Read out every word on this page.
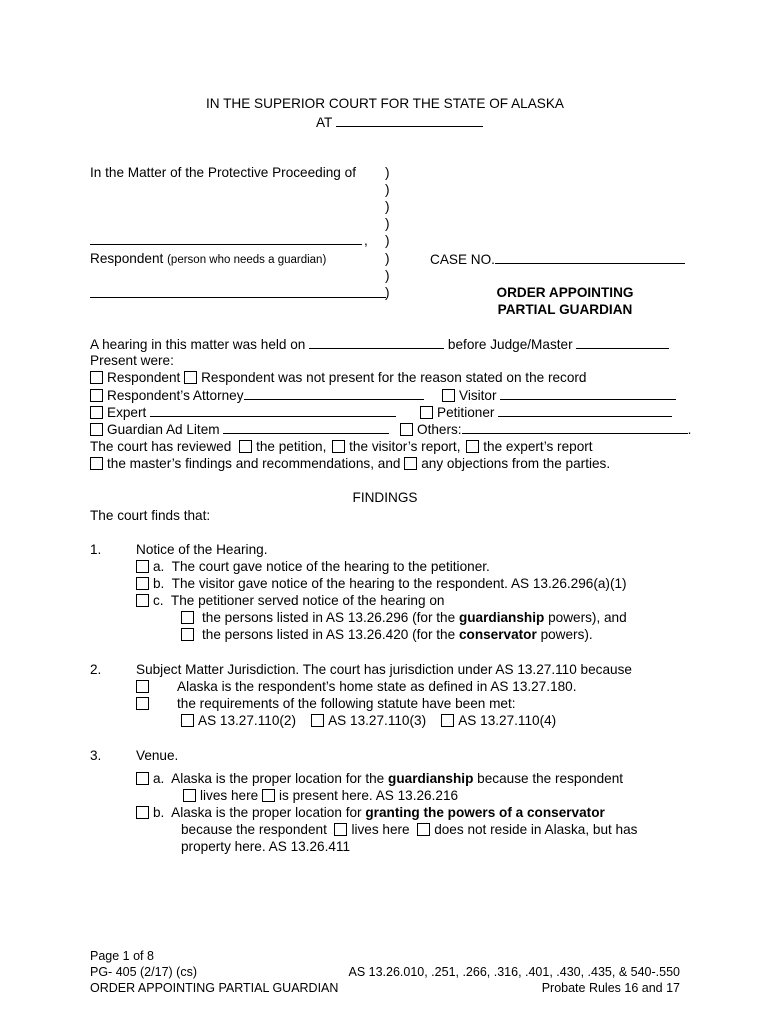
IN THE SUPERIOR COURT FOR THE STATE OF ALASKA
AT
In the Matter of the Protective Proceeding of
,
Respondent (person who needs a guardian)
)
)
)
)
)
)
)
)
CASE NO.
ORDER APPOINTING
PARTIAL GUARDIAN
A hearing in this matter was held on	before Judge/Master
Present were:
Respondent Respondent was not present for the reason stated on the record
Respondent’s Attorney	Visitor
Expert	Petitioner
Guardian Ad Litem	Others:	.
The court has reviewed the petition, the visitor’s report, the expert’s report
the master’s findings and recommendations, and any objections from the parties.
FINDINGS
The court finds that:
1.	Notice of the Hearing.
a. The court gave notice of the hearing to the petitioner.
b. The visitor gave notice of the hearing to the respondent. AS 13.26.296(a)(1)
c. The petitioner served notice of the hearing on
the persons listed in AS 13.26.296 (for the guardianship powers), and
the persons listed in AS 13.26.420 (for the conservator powers).
2.	Subject Matter Jurisdiction. The court has jurisdiction under AS 13.27.110 because
Alaska is the respondent’s home state as defined in AS 13.27.180.
the requirements of the following statute have been met:
AS 13.27.110(2) AS 13.27.110(3) AS 13.27.110(4)
3.	Venue.
a. Alaska is the proper location for the guardianship because the respondent
lives here is present here. AS 13.26.216
b. Alaska is the proper location for granting the powers of a conservator
because the respondent lives here does not reside in Alaska, but has
property here. AS 13.26.411
Page 1 of 8
PG- 405 (2/17) (cs)
ORDER APPOINTING PARTIAL GUARDIAN
AS 13.26.010, .251, .266, .316, .401, .430, .435, & 540-.550
Probate Rules 16 and 17
